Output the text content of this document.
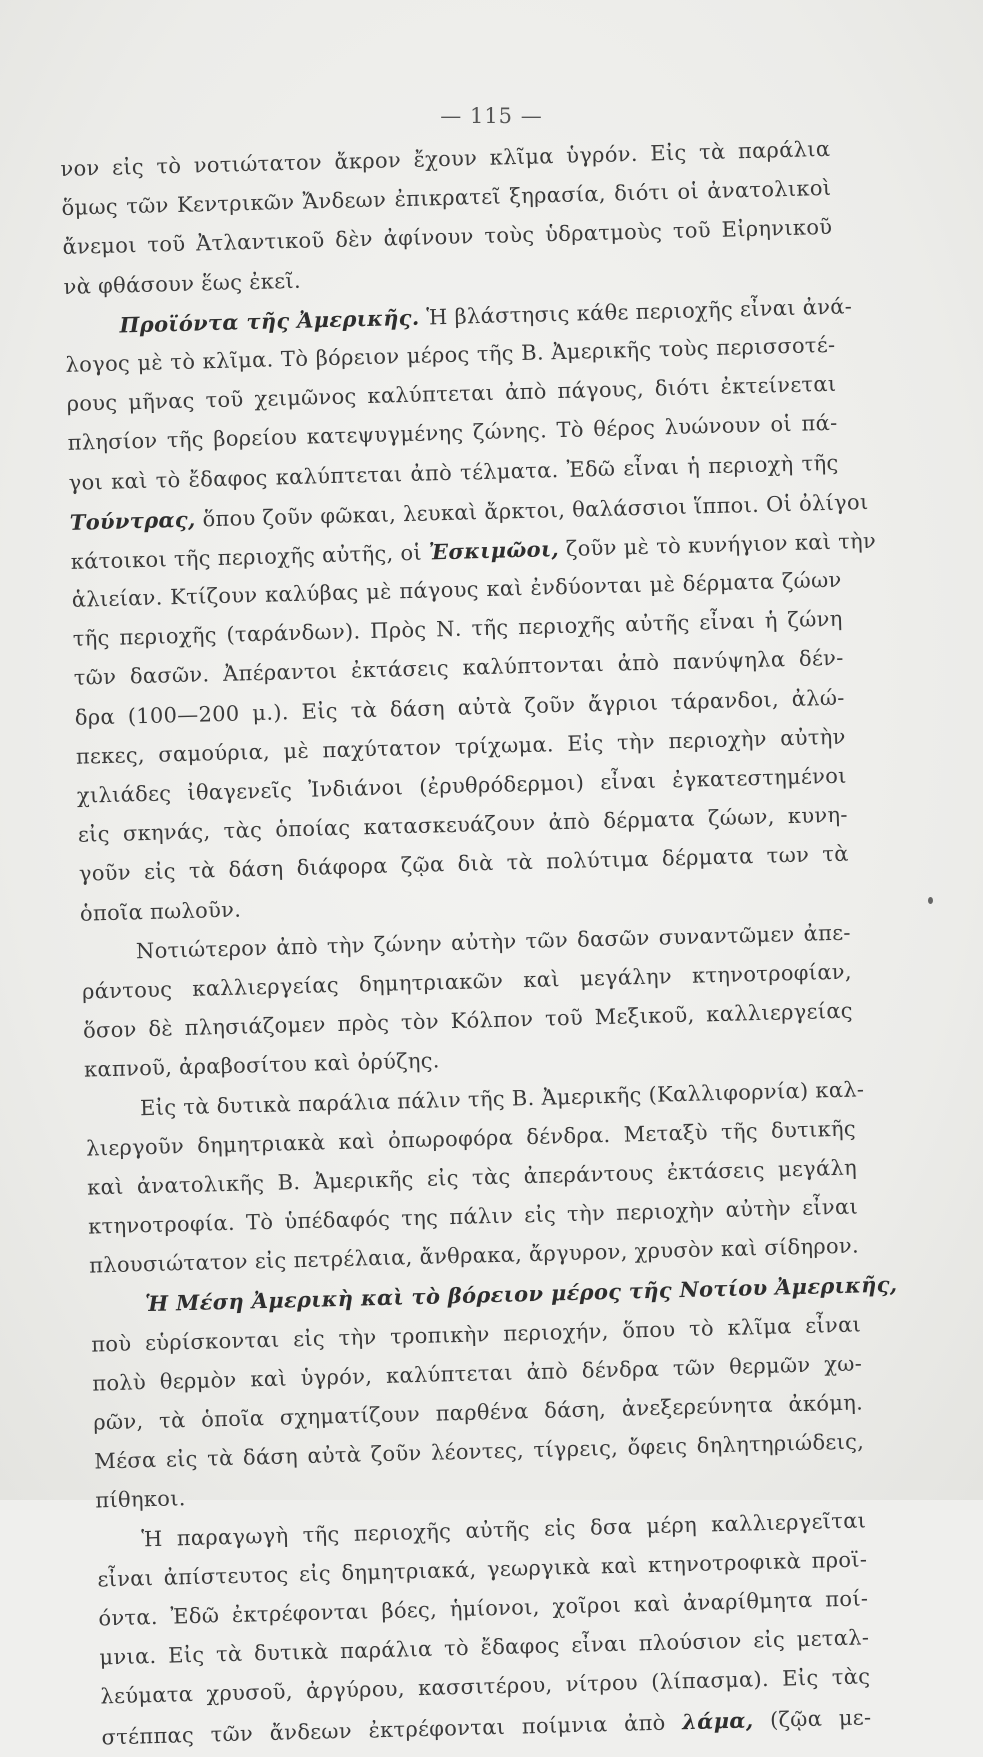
— 115 —
νον εἰς τὸ νοτιώτατον ἄκρον ἔχουν κλῖμα ὑγρόν. Εἰς τὰ παράλια
ὅμως τῶν Κεντρικῶν Ἄνδεων ἐπικρατεῖ ξηρασία, διότι οἱ ἀνατολικοὶ
ἄνεμοι τοῦ Ἀτλαντικοῦ δὲν ἀφίνουν τοὺς ὑδρατμοὺς τοῦ Εἰρηνικοῦ
νὰ φθάσουν ἕως ἐκεῖ.
Προϊόντα τῆς Ἀμερικῆς. Ἡ βλάστησις κάθε περιοχῆς εἶναι ἀνά-
λογος μὲ τὸ κλῖμα. Τὸ βόρειον μέρος τῆς Β. Ἀμερικῆς τοὺς περισσοτέ-
ρους μῆνας τοῦ χειμῶνος καλύπτεται ἀπὸ πάγους, διότι ἐκτείνεται
πλησίον τῆς βορείου κατεψυγμένης ζώνης. Τὸ θέρος λυώνουν οἱ πά-
γοι καὶ τὸ ἔδαφος καλύπτεται ἀπὸ τέλματα. Ἐδῶ εἶναι ἡ περιοχὴ τῆς
Τούντρας, ὅπου ζοῦν φῶκαι, λευκαὶ ἄρκτοι, θαλάσσιοι ἵπποι. Οἱ ὀλίγοι
κάτοικοι τῆς περιοχῆς αὐτῆς, οἱ Ἐσκιμῶοι, ζοῦν μὲ τὸ κυνήγιον καὶ τὴν
ἁλιείαν. Κτίζουν καλύβας μὲ πάγους καὶ ἐνδύονται μὲ δέρματα ζώων
τῆς περιοχῆς (ταράνδων). Πρὸς Ν. τῆς περιοχῆς αὐτῆς εἶναι ἡ ζώνη
τῶν δασῶν. Ἀπέραντοι ἐκτάσεις καλύπτονται ἀπὸ πανύψηλα δέν-
δρα (100—200 μ.). Εἰς τὰ δάση αὐτὰ ζοῦν ἄγριοι τάρανδοι, ἀλώ-
πεκες, σαμούρια, μὲ παχύτατον τρίχωμα. Εἰς τὴν περιοχὴν αὐτὴν
χιλιάδες ἰθαγενεῖς Ἰνδιάνοι (ἐρυθρόδερμοι) εἶναι ἐγκατεστημένοι
εἰς σκηνάς, τὰς ὁποίας κατασκευάζουν ἀπὸ δέρματα ζώων, κυνη-
γοῦν εἰς τὰ δάση διάφορα ζῷα διὰ τὰ πολύτιμα δέρματα των τὰ
ὁποῖα πωλοῦν.
Νοτιώτερον ἀπὸ τὴν ζώνην αὐτὴν τῶν δασῶν συναντῶμεν ἀπε-
ράντους καλλιεργείας δημητριακῶν καὶ μεγάλην κτηνοτροφίαν,
ὅσον δὲ πλησιάζομεν πρὸς τὸν Κόλπον τοῦ Μεξικοῦ, καλλιεργείας
καπνοῦ, ἀραβοσίτου καὶ ὀρύζης.
Εἰς τὰ δυτικὰ παράλια πάλιν τῆς Β. Ἀμερικῆς (Καλλιφορνία) καλ-
λιεργοῦν δημητριακὰ καὶ ὀπωροφόρα δένδρα. Μεταξὺ τῆς δυτικῆς
καὶ ἀνατολικῆς Β. Ἀμερικῆς εἰς τὰς ἀπεράντους ἐκτάσεις μεγάλη
κτηνοτροφία. Τὸ ὑπέδαφός της πάλιν εἰς τὴν περιοχὴν αὐτὴν εἶναι
πλουσιώτατον εἰς πετρέλαια, ἄνθρακα, ἄργυρον, χρυσὸν καὶ σίδηρον.
Ἡ Μέση Ἀμερικὴ καὶ τὸ βόρειον μέρος τῆς Νοτίου Ἀμερικῆς,
ποὺ εὑρίσκονται εἰς τὴν τροπικὴν περιοχήν, ὅπου τὸ κλῖμα εἶναι
πολὺ θερμὸν καὶ ὑγρόν, καλύπτεται ἀπὸ δένδρα τῶν θερμῶν χω-
ρῶν, τὰ ὁποῖα σχηματίζουν παρθένα δάση, ἀνεξερεύνητα ἀκόμη.
Μέσα εἰς τὰ δάση αὐτὰ ζοῦν λέοντες, τίγρεις, ὄφεις δηλητηριώδεις,
πίθηκοι.
Ἡ παραγωγὴ τῆς περιοχῆς αὐτῆς εἰς δσα μέρη καλλιεργεῖται
εἶναι ἀπίστευτος εἰς δημητριακά, γεωργικὰ καὶ κτηνοτροφικὰ προϊ-
όντα. Ἐδῶ ἐκτρέφονται βόες, ἡμίονοι, χοῖροι καὶ ἀναρίθμητα ποί-
μνια. Εἰς τὰ δυτικὰ παράλια τὸ ἔδαφος εἶναι πλούσιον εἰς μεταλ-
λεύματα χρυσοῦ, ἀργύρου, κασσιτέρου, νίτρου (λίπασμα). Εἰς τὰς
στέππας τῶν ἄνδεων ἐκτρέφονται ποίμνια ἀπὸ λάμα, (ζῷα με-
